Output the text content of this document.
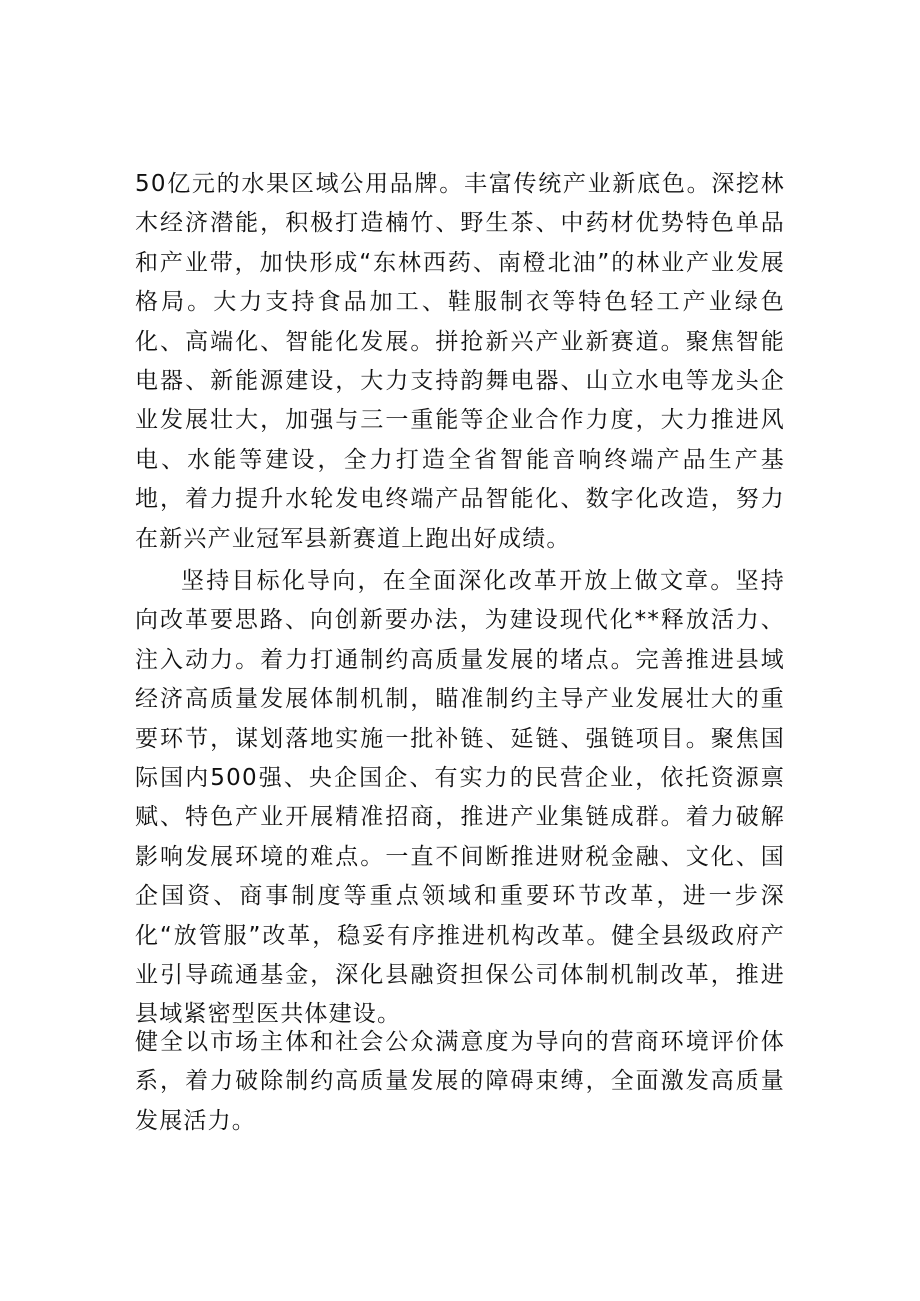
50亿元的水果区域公用品牌。丰富传统产业新底色。深挖林木经济潜能，积极打造楠竹、野生茶、中药材优势特色单品和产业带，加快形成“东林西药、南橙北油”的林业产业发展格局。大力支持食品加工、鞋服制衣等特色轻工产业绿色化、高端化、智能化发展。拼抢新兴产业新赛道。聚焦智能电器、新能源建设，大力支持韵舞电器、山立水电等龙头企业发展壮大，加强与三一重能等企业合作力度，大力推进风电、水能等建设，全力打造全省智能音响终端产品生产基地，着力提升水轮发电终端产品智能化、数字化改造，努力在新兴产业冠军县新赛道上跑出好成绩。

坚持目标化导向，在全面深化改革开放上做文章。坚持向改革要思路、向创新要办法，为建设现代化**释放活力、注入动力。着力打通制约高质量发展的堵点。完善推进县域经济高质量发展体制机制，瞄准制约主导产业发展壮大的重要环节，谋划落地实施一批补链、延链、强链项目。聚焦国际国内500强、央企国企、有实力的民营企业，依托资源禀赋、特色产业开展精准招商，推进产业集链成群。着力破解影响发展环境的难点。一直不间断推进财税金融、文化、国企国资、商事制度等重点领域和重要环节改革，进一步深化“放管服”改革，稳妥有序推进机构改革。健全县级政府产业引导疏通基金，深化县融资担保公司体制机制改革，推进县域紧密型医共体建设。

健全以市场主体和社会公众满意度为导向的营商环境评价体系，着力破除制约高质量发展的障碍束缚，全面激发高质量发展活力。
